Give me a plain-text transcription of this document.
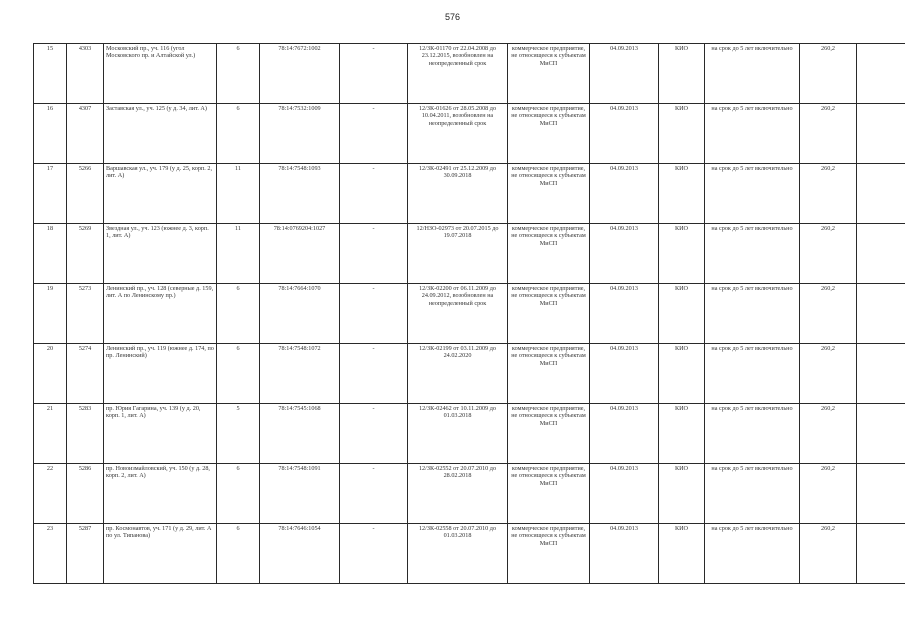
576
15	4303	Московский пр., уч. 116 (угол Московского пр. и Алтайской ул.)	6	78:14:7672:1002	-	12/ЗК-01170 от 22.04.2008 до 23.12.2015, возобновлен на неопределенный срок	коммерческое предприятие, не относящееся к субъектам МиСП	04.09.2013	КИО	на срок до 5 лет включительно	260,2	
16	4307	Заставская ул., уч. 125 (у д. 34, лит. А)	6	78:14:7532:1009	-	12/ЗК-01626 от 28.05.2008 до 10.04.2011, возобновлен на неопределенный срок	коммерческое предприятие, не относящееся к субъектам МиСП	04.09.2013	КИО	на срок до 5 лет включительно	260,2	
17	5266	Варшавская ул., уч. 179 (у д. 25, корп. 2, лит. А)	11	78:14:7548:1093	-	12/ЗК-02491 от 25.12.2009 до 30.09.2018	коммерческое предприятие, не относящееся к субъектам МиСП	04.09.2013	КИО	на срок до 5 лет включительно	260,2	
18	5269	Звездная ул., уч. 123 (южнее д. 3, корп. 1, лит. А)	11	78:14:0769204:1027	-	12/НЗО-02973 от 20.07.2015 до 19.07.2018	коммерческое предприятие, не относящееся к субъектам МиСП	04.09.2013	КИО	на срок до 5 лет включительно	260,2	
19	5273	Ленинский пр., уч. 128 (северные д. 159, лит. А по Ленинскому пр.)	6	78:14:7664:1070	-	12/ЗК-02200 от 06.11.2009 до 24.09.2012, возобновлен на неопределенный срок	коммерческое предприятие, не относящееся к субъектам МиСП	04.09.2013	КИО	на срок до 5 лет включительно	260,2	
20	5274	Ленинский пр., уч. 119 (южнее д. 174, по пр. Ленинский)	6	78:14:7548:1072	-	12/ЗК-02199 от 03.11.2009 до 24.02.2020	коммерческое предприятие, не относящееся к субъектам МиСП	04.09.2013	КИО	на срок до 5 лет включительно	260,2	
21	5283	пр. Юрия Гагарина, уч. 139 (у д. 20, корп. 1, лит. А)	5	78:14:7545:1068	-	12/ЗК-02462 от 10.11.2009 до 01.03.2018	коммерческое предприятие, не относящееся к субъектам МиСП	04.09.2013	КИО	на срок до 5 лет включительно	260,2	
22	5286	пр. Новоизмайловский, уч. 150 (у д. 28, корп. 2, лит. А)	6	78:14:7548:1091	-	12/ЗК-02552 от 20.07.2010 до 28.02.2018	коммерческое предприятие, не относящееся к субъектам МиСП	04.09.2013	КИО	на срок до 5 лет включительно	260,2	
23	5287	пр. Космонавтов, уч. 171 (у д. 29, лит. А по ул. Типанова)	6	78:14:7646:1054	-	12/ЗК-02558 от 20.07.2010 до 01.03.2018	коммерческое предприятие, не относящееся к субъектам МиСП	04.09.2013	КИО	на срок до 5 лет включительно	260,2	
